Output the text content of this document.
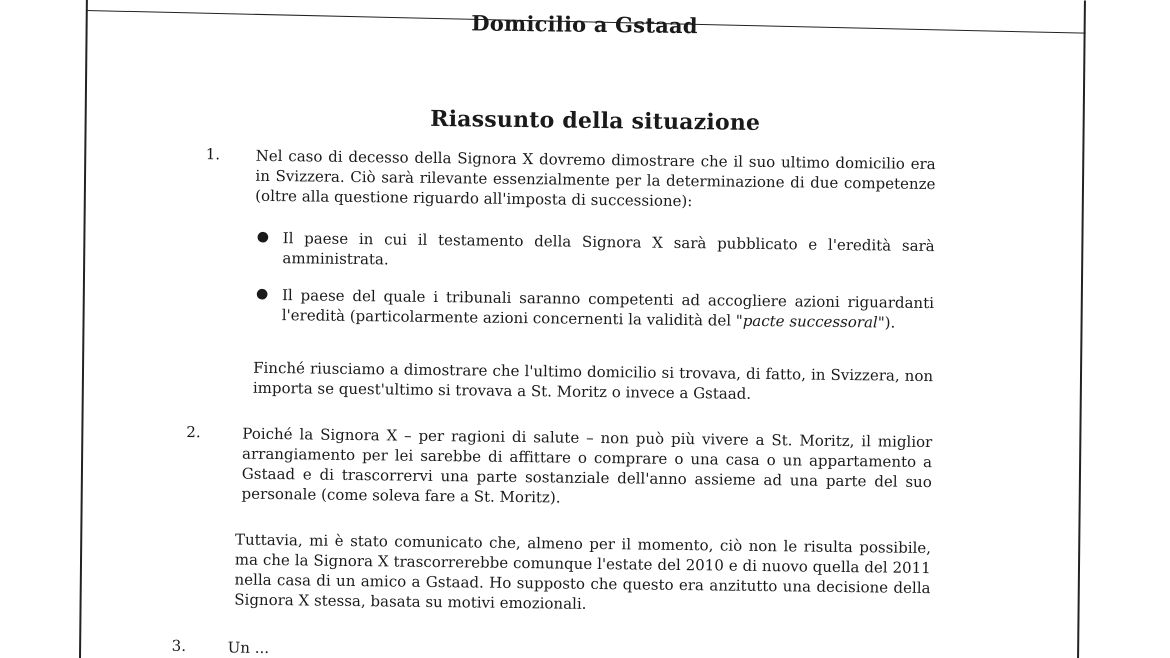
Domicilio a Gstaad
Riassunto della situazione
1. Nel caso di decesso della Signora X dovremo dimostrare che il suo ultimo domicilio era in Svizzera. Ciò sarà rilevante essenzialmente per la determinazione di due competenze (oltre alla questione riguardo all'imposta di successione):
● Il paese in cui il testamento della Signora X sarà pubblicato e l'eredità sarà amministrata.
● Il paese del quale i tribunali saranno competenti ad accogliere azioni riguardanti l'eredità (particolarmente azioni concernenti la validità del "pacte successoral").
Finché riusciamo a dimostrare che l'ultimo domicilio si trovava, di fatto, in Svizzera, non importa se quest'ultimo si trovava a St. Moritz o invece a Gstaad.
2.	Poiché la Signora X – per ragioni di salute – non può più vivere a St. Moritz, il miglior arrangiamento per lei sarebbe di affittare o comprare o una casa o un appartamento a Gstaad e di trascorrervi una parte sostanziale dell'anno assieme ad una parte del suo personale (come soleva fare a St. Moritz).
Tuttavia, mi è stato comunicato che, almeno per il momento, ciò non le risulta possibile, ma che la Signora X trascorrerebbe comunque l'estate del 2010 e di nuovo quella del 2011 nella casa di un amico a Gstaad. Ho supposto che questo era anzitutto una decisione della Signora X stessa, basata su motivi emozionali.
3.	Un ...
